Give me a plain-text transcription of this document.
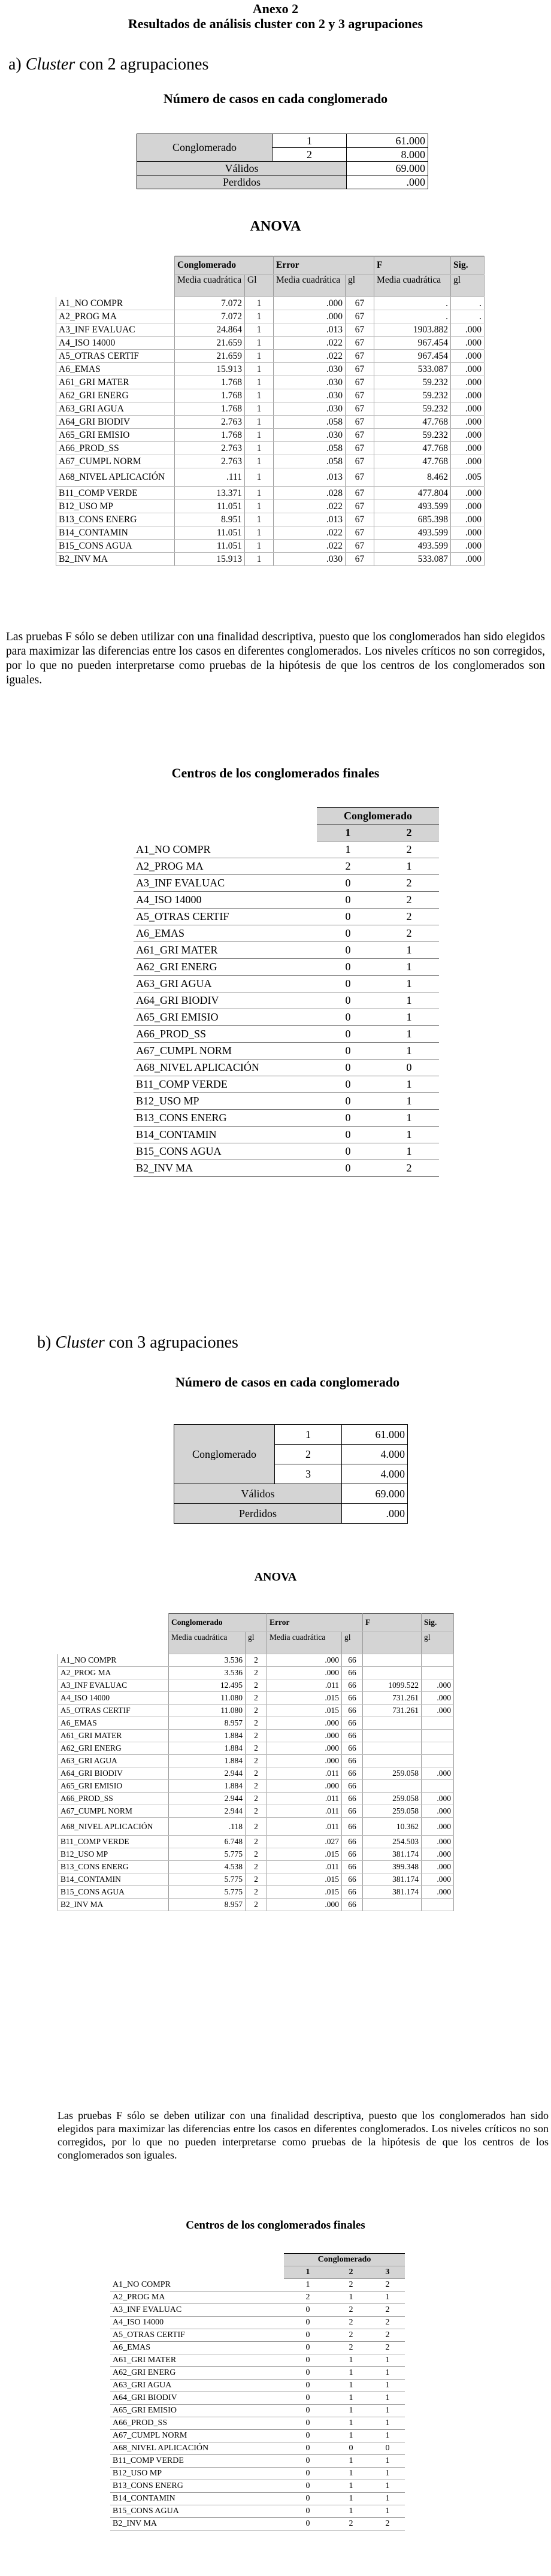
Anexo 2
Resultados de análisis cluster con 2 y 3 agrupaciones
a) Cluster con 2 agrupaciones
Número de casos en cada conglomerado
Conglomerado	1	61.000
	2	8.000
Válidos		69.000
Perdidos		.000
ANOVA
	Conglomerado		Error		F	Sig.
	Media cuadrática	Gl	Media cuadrática	gl	Media cuadrática	gl
A1_NO COMPR	7.072	1	.000	67	.	.
A2_PROG MA	7.072	1	.000	67	.	.
A3_INF EVALUAC	24.864	1	.013	67	1903.882	.000
A4_ISO 14000	21.659	1	.022	67	967.454	.000
A5_OTRAS CERTIF	21.659	1	.022	67	967.454	.000
A6_EMAS	15.913	1	.030	67	533.087	.000
A61_GRI MATER	1.768	1	.030	67	59.232	.000
A62_GRI ENERG	1.768	1	.030	67	59.232	.000
A63_GRI AGUA	1.768	1	.030	67	59.232	.000
A64_GRI BIODIV	2.763	1	.058	67	47.768	.000
A65_GRI EMISIO	1.768	1	.030	67	59.232	.000
A66_PROD_SS	2.763	1	.058	67	47.768	.000
A67_CUMPL NORM	2.763	1	.058	67	47.768	.000
A68_NIVEL APLICACIÓN	.111	1	.013	67	8.462	.005
B11_COMP VERDE	13.371	1	.028	67	477.804	.000
B12_USO MP	11.051	1	.022	67	493.599	.000
B13_CONS ENERG	8.951	1	.013	67	685.398	.000
B14_CONTAMIN	11.051	1	.022	67	493.599	.000
B15_CONS AGUA	11.051	1	.022	67	493.599	.000
B2_INV MA	15.913	1	.030	67	533.087	.000
Las pruebas F sólo se deben utilizar con una finalidad descriptiva, puesto que los conglomerados han sido elegidos para maximizar las diferencias entre los casos en diferentes conglomerados. Los niveles críticos no son corregidos, por lo que no pueden interpretarse como pruebas de la hipótesis de que los centros de los conglomerados son iguales.
Centros de los conglomerados finales
	Conglomerado	
	1	2
A1_NO COMPR	1	2
A2_PROG MA	2	1
A3_INF EVALUAC	0	2
A4_ISO 14000	0	2
A5_OTRAS CERTIF	0	2
A6_EMAS	0	2
A61_GRI MATER	0	1
A62_GRI ENERG	0	1
A63_GRI AGUA	0	1
A64_GRI BIODIV	0	1
A65_GRI EMISIO	0	1
A66_PROD_SS	0	1
A67_CUMPL NORM	0	1
A68_NIVEL APLICACIÓN	0	0
B11_COMP VERDE	0	1
B12_USO MP	0	1
B13_CONS ENERG	0	1
B14_CONTAMIN	0	1
B15_CONS AGUA	0	1
B2_INV MA	0	2
b) Cluster con 3 agrupaciones
Número de casos en cada conglomerado
Conglomerado	1	61.000
	2	4.000
	3	4.000
Válidos		69.000
Perdidos		.000
ANOVA
	Conglomerado		Error		F	Sig.
	Media cuadrática	gl	Media cuadrática	gl		gl
A1_NO COMPR	3.536	2	.000	66		
A2_PROG MA	3.536	2	.000	66		
A3_INF EVALUAC	12.495	2	.011	66	1099.522	.000
A4_ISO 14000	11.080	2	.015	66	731.261	.000
A5_OTRAS CERTIF	11.080	2	.015	66	731.261	.000
A6_EMAS	8.957	2	.000	66		
A61_GRI MATER	1.884	2	.000	66		
A62_GRI ENERG	1.884	2	.000	66		
A63_GRI AGUA	1.884	2	.000	66		
A64_GRI BIODIV	2.944	2	.011	66	259.058	.000
A65_GRI EMISIO	1.884	2	.000	66		
A66_PROD_SS	2.944	2	.011	66	259.058	.000
A67_CUMPL NORM	2.944	2	.011	66	259.058	.000
A68_NIVEL APLICACIÓN	.118	2	.011	66	10.362	.000
B11_COMP VERDE	6.748	2	.027	66	254.503	.000
B12_USO MP	5.775	2	.015	66	381.174	.000
B13_CONS ENERG	4.538	2	.011	66	399.348	.000
B14_CONTAMIN	5.775	2	.015	66	381.174	.000
B15_CONS AGUA	5.775	2	.015	66	381.174	.000
B2_INV MA	8.957	2	.000	66		
Las pruebas F sólo se deben utilizar con una finalidad descriptiva, puesto que los conglomerados han sido elegidos para maximizar las diferencias entre los casos en diferentes conglomerados. Los niveles críticos no son corregidos, por lo que no pueden interpretarse como pruebas de la hipótesis de que los centros de los conglomerados son iguales.
Centros de los conglomerados finales
	Conglomerado		
	1	2	3
A1_NO COMPR	1	2	2
A2_PROG MA	2	1	1
A3_INF EVALUAC	0	2	2
A4_ISO 14000	0	2	2
A5_OTRAS CERTIF	0	2	2
A6_EMAS	0	2	2
A61_GRI MATER	0	1	1
A62_GRI ENERG	0	1	1
A63_GRI AGUA	0	1	1
A64_GRI BIODIV	0	1	1
A65_GRI EMISIO	0	1	1
A66_PROD_SS	0	1	1
A67_CUMPL NORM	0	1	1
A68_NIVEL APLICACIÓN	0	0	0
B11_COMP VERDE	0	1	1
B12_USO MP	0	1	1
B13_CONS ENERG	0	1	1
B14_CONTAMIN	0	1	1
B15_CONS AGUA	0	1	1
B2_INV MA	0	2	2
